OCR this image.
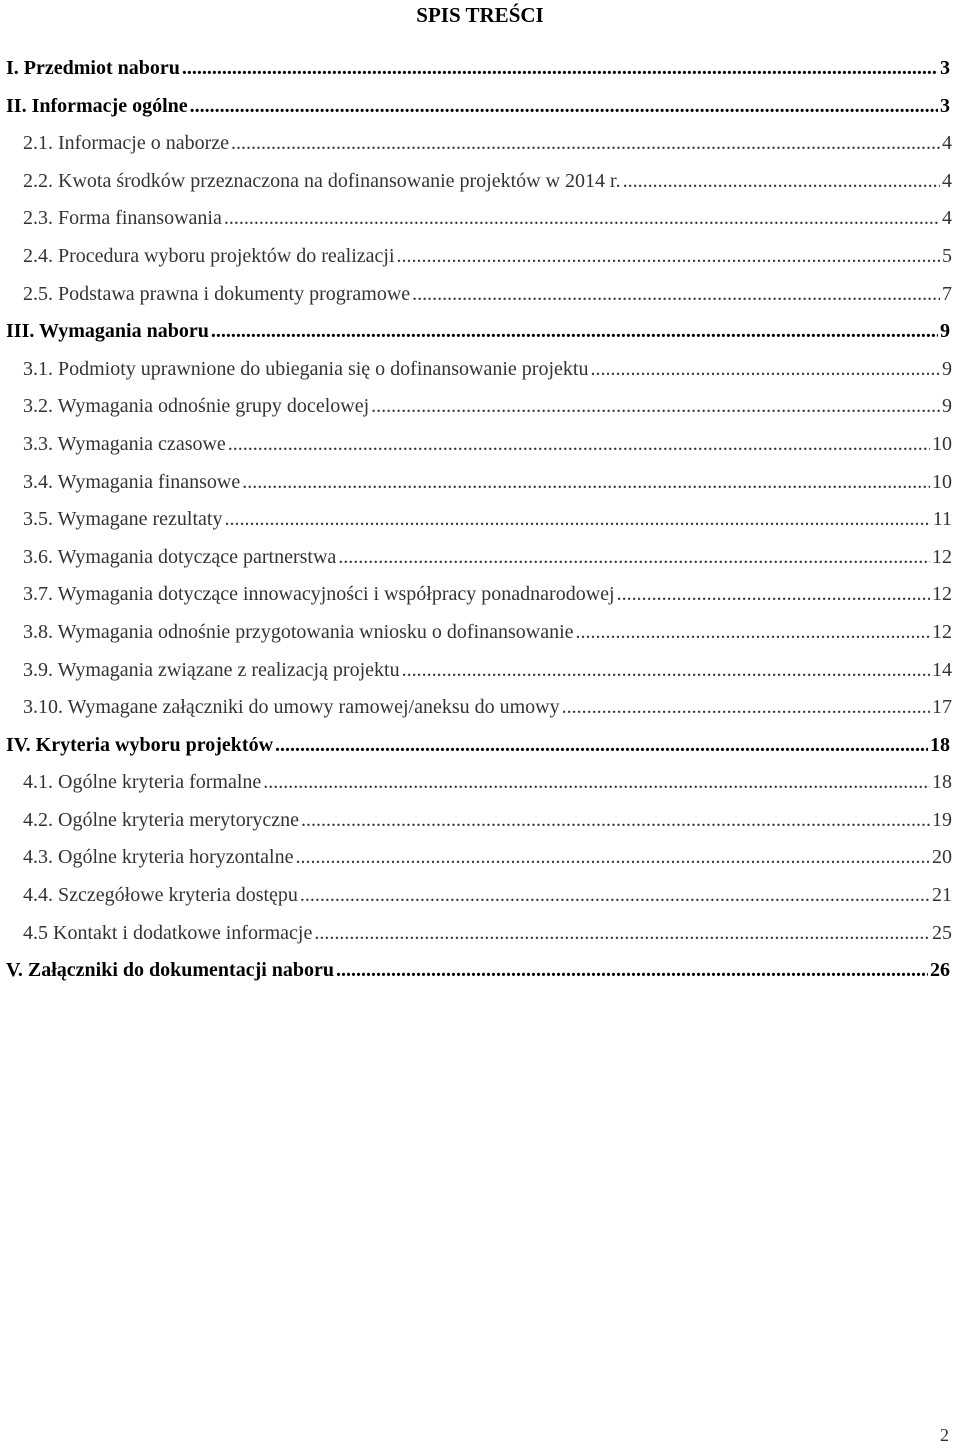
SPIS TREŚCI
I. Przedmiot naboru .....	3
II. Informacje ogólne .....	3
2.1. Informacje o naborze .....	4
2.2. Kwota środków przeznaczona na dofinansowanie projektów w 2014 r. .....	4
2.3. Forma finansowania .....	4
2.4. Procedura wyboru projektów do realizacji .....	5
2.5. Podstawa prawna i dokumenty programowe .....	7
III. Wymagania naboru .....	9
3.1. Podmioty uprawnione do ubiegania się o dofinansowanie projektu .....	9
3.2. Wymagania odnośnie grupy docelowej .....	9
3.3. Wymagania czasowe .....	10
3.4. Wymagania finansowe .....	10
3.5. Wymagane rezultaty .....	11
3.6. Wymagania dotyczące partnerstwa .....	12
3.7. Wymagania dotyczące innowacyjności i współpracy ponadnarodowej .....	12
3.8. Wymagania odnośnie przygotowania wniosku o dofinansowanie .....	12
3.9. Wymagania związane z realizacją projektu .....	14
3.10. Wymagane załączniki do umowy ramowej/aneksu do umowy .....	17
IV. Kryteria wyboru projektów .....	18
4.1. Ogólne kryteria formalne .....	18
4.2. Ogólne kryteria merytoryczne .....	19
4.3. Ogólne kryteria horyzontalne .....	20
4.4. Szczegółowe kryteria dostępu .....	21
4.5 Kontakt i dodatkowe informacje .....	25
V. Załączniki do dokumentacji naboru .....	26
2
